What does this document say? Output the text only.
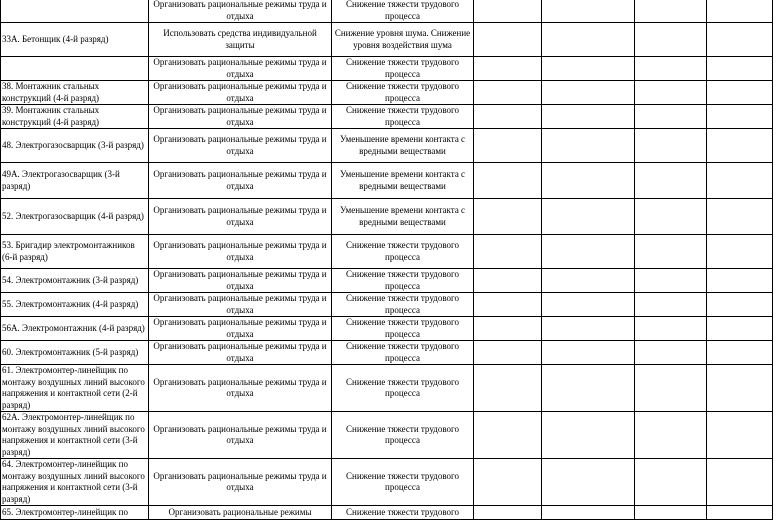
	Организовать рациональные режимы труда и отдыха	Снижение тяжести трудового процесса				
33А. Бетонщик (4-й разряд)	Использовать средства индивидуальной защиты	Снижение уровня шума. Снижение уровня воздействия шума				
	Организовать рациональные режимы труда и отдыха	Снижение тяжести трудового процесса				
38. Монтажник стальных конструкций (4-й разряд)	Организовать рациональные режимы труда и отдыха	Снижение тяжести трудового процесса				
39. Монтажник стальных конструкций (4-й разряд)	Организовать рациональные режимы труда и отдыха	Снижение тяжести трудового процесса				
48. Электрогазосварщик (3-й разряд)	Организовать рациональные режимы труда и отдыха	Уменьшение времени контакта с вредными веществами				
49А. Электрогазосварщик (3-й разряд)	Организовать рациональные режимы труда и отдыха	Уменьшение времени контакта с вредными веществами				
52. Электрогазосварщик (4-й разряд)	Организовать рациональные режимы труда и отдыха	Уменьшение времени контакта с вредными веществами				
53. Бригадир электромонтажников (6-й разряд)	Организовать рациональные режимы труда и отдыха	Снижение тяжести трудового процесса				
54. Электромонтажник (3-й разряд)	Организовать рациональные режимы труда и отдыха	Снижение тяжести трудового процесса				
55. Электромонтажник (4-й разряд)	Организовать рациональные режимы труда и отдыха	Снижение тяжести трудового процесса				
56А. Электромонтажник (4-й разряд)	Организовать рациональные режимы труда и отдыха	Снижение тяжести трудового процесса				
60. Электромонтажник (5-й разряд)	Организовать рациональные режимы труда и отдыха	Снижение тяжести трудового процесса				
61. Электромонтер-линейщик по монтажу воздушных линий высокого напряжения и контактной сети (2-й разряд)	Организовать рациональные режимы труда и отдыха	Снижение тяжести трудового процесса				
62А. Электромонтер-линейщик по монтажу воздушных линий высокого напряжения и контактной сети (3-й разряд)	Организовать рациональные режимы труда и отдыха	Снижение тяжести трудового процесса				
64. Электромонтер-линейщик по монтажу воздушных линий высокого напряжения и контактной сети (3-й разряд)	Организовать рациональные режимы труда и отдыха	Снижение тяжести трудового процесса				
65. Электромонтер-линейщик по	Организовать рациональные режимы	Снижение тяжести трудового				
